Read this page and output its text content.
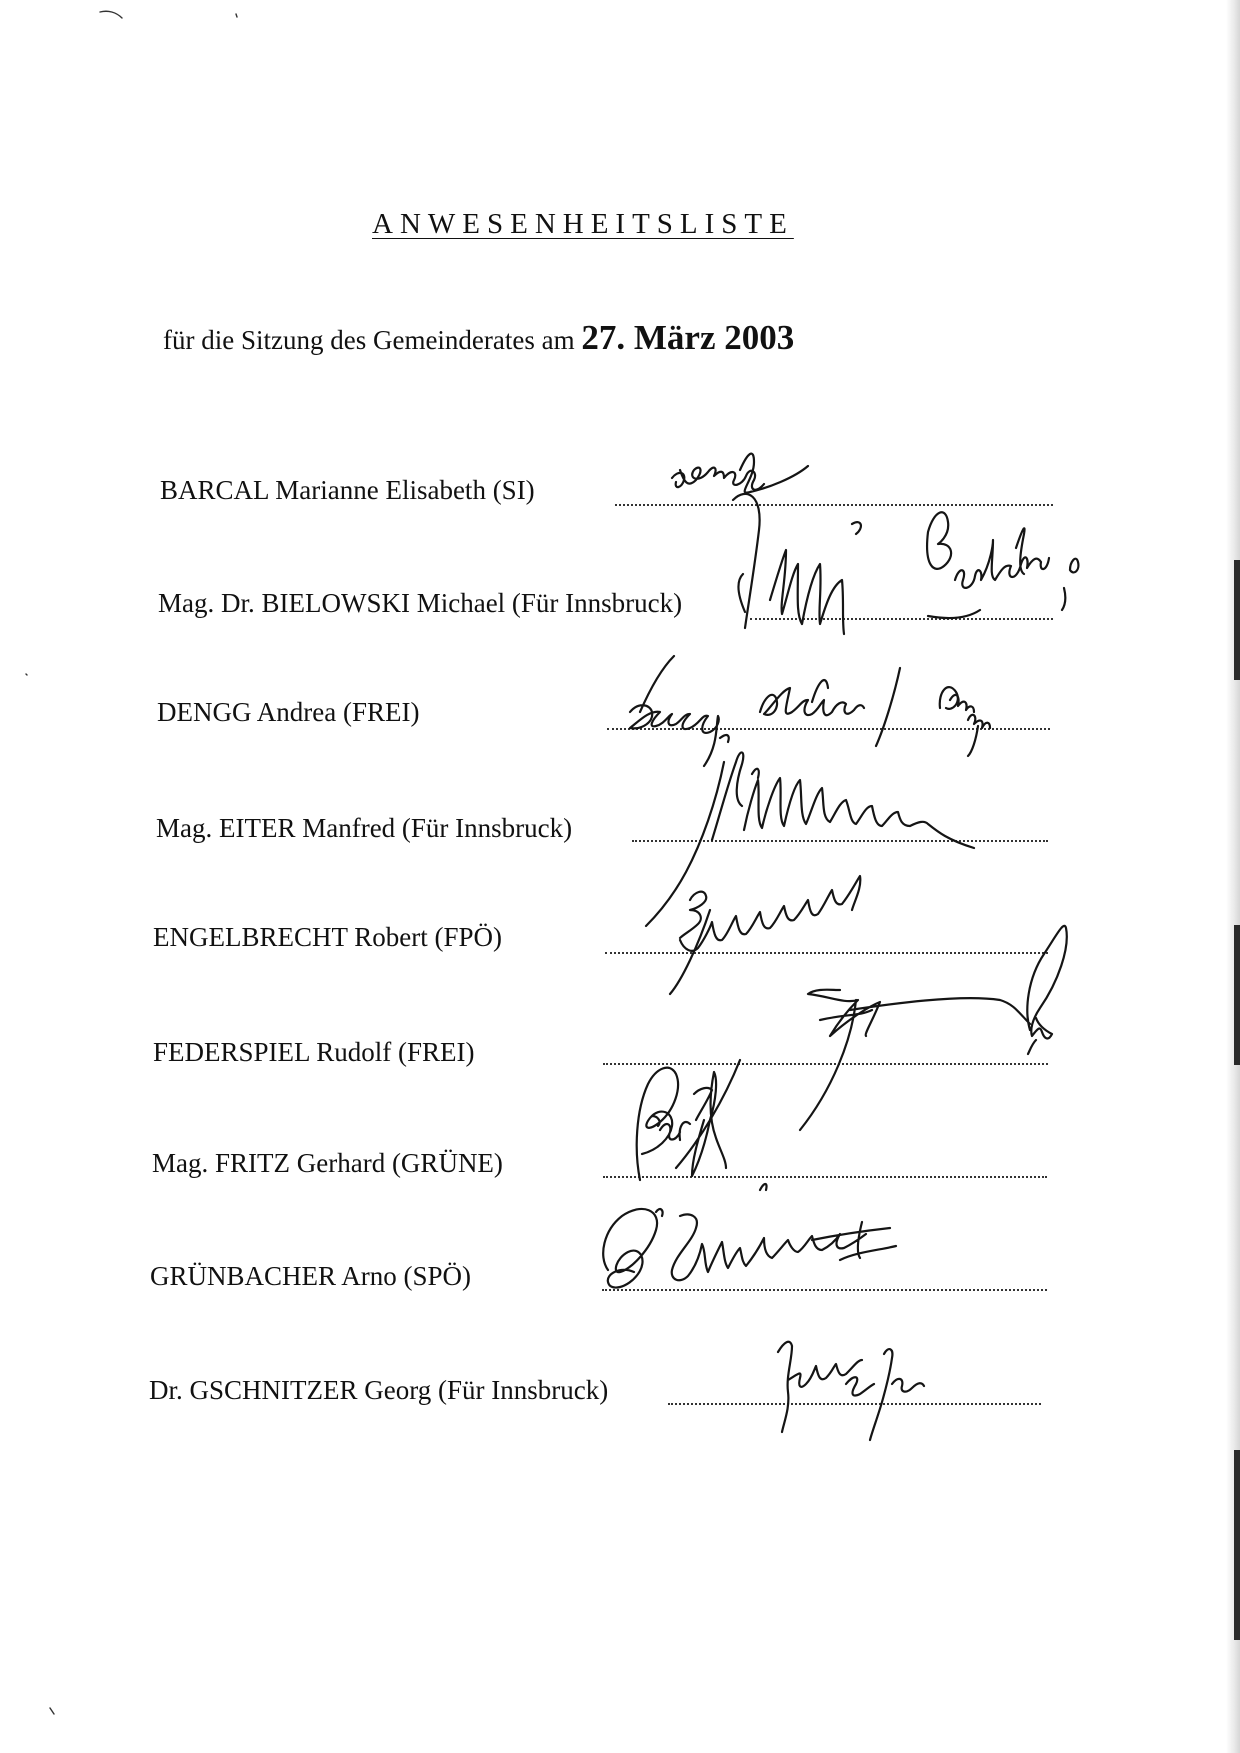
ANWESENHEITSLISTE
für die Sitzung des Gemeinderates am 27. März 2003
BARCAL Marianne Elisabeth (SI)
Mag. Dr. BIELOWSKI Michael (Für Innsbruck)
DENGG Andrea (FREI)
Mag. EITER Manfred (Für Innsbruck)
ENGELBRECHT Robert (FPÖ)
FEDERSPIEL Rudolf (FREI)
Mag. FRITZ Gerhard (GRÜNE)
GRÜNBACHER Arno (SPÖ)
Dr. GSCHNITZER Georg (Für Innsbruck)
